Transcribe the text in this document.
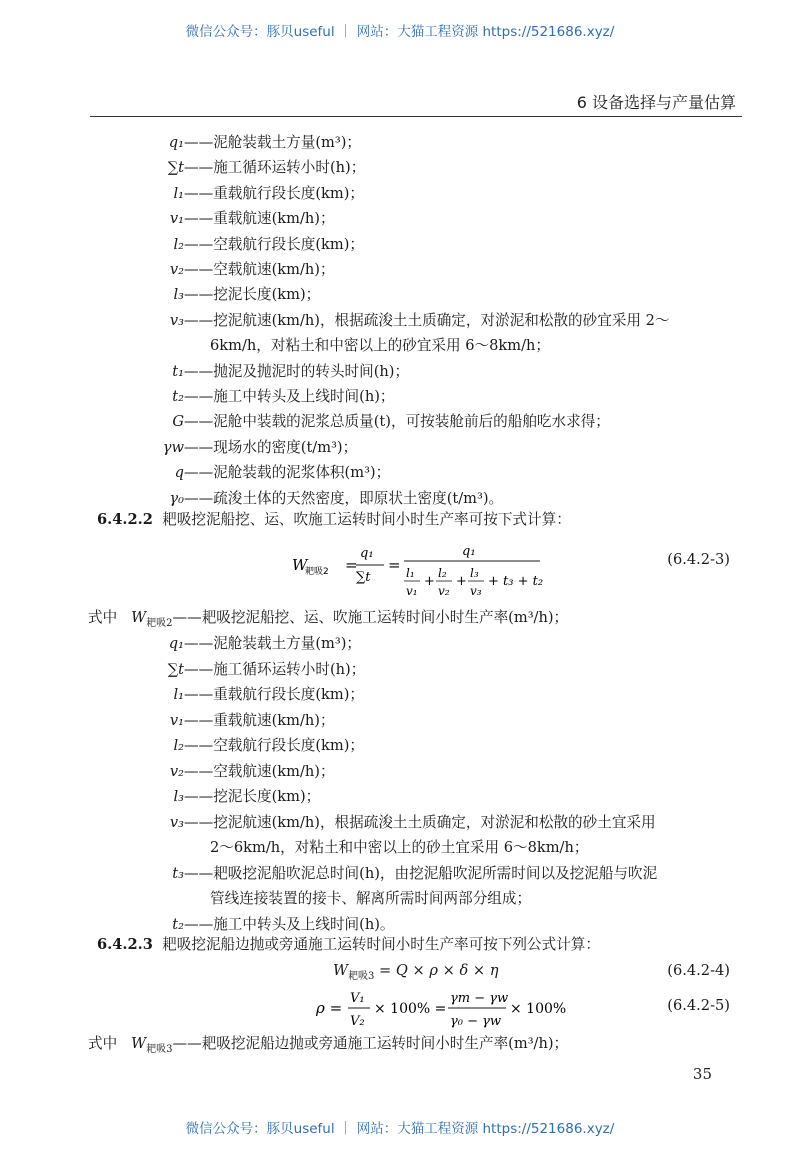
微信公众号：豚贝useful ｜ 网站：大猫工程资源 https://521686.xyz/
6 设备选择与产量估算
q₁——泥舱装载土方量(m³)；
∑t——施工循环运转小时(h)；
l₁——重载航行段长度(km)；
v₁——重载航速(km/h)；
l₂——空载航行段长度(km)；
v₂——空载航速(km/h)；
l₃——挖泥长度(km)；
v₃——挖泥航速(km/h)，根据疏浚土土质确定，对淤泥和松散的砂宜采用 2～
6km/h，对粘土和中密以上的砂宜采用 6～8km/h；
t₁——抛泥及抛泥时的转头时间(h)；
t₂——施工中转头及上线时间(h)；
G——泥舱中装载的泥浆总质量(t)，可按装舱前后的船舶吃水求得；
γw——现场水的密度(t/m³)；
q——泥舱装载的泥浆体积(m³)；
γ₀——疏浚土体的天然密度，即原状土密度(t/m³)。
q₁——泥舱装载土方量(m³)；
∑t——施工循环运转小时(h)；
l₁——重载航行段长度(km)；
v₁——重载航速(km/h)；
l₂——空载航行段长度(km)；
v₂——空载航速(km/h)；
l₃——挖泥长度(km)；
v₃——挖泥航速(km/h)，根据疏浚土土质确定，对淤泥和松散的砂土宜采用
2～6km/h，对粘土和中密以上的砂土宜采用 6～8km/h；
t₃——耙吸挖泥船吹泥总时间(h)，由挖泥船吹泥所需时间以及挖泥船与吹泥
管线连接装置的接卡、解离所需时间两部分组成；
t₂——施工中转头及上线时间(h)。
6.4.2.2 耙吸挖泥船挖、运、吹施工运转时间小时生产率可按下式计算：
W
耙吸2 =
q₁
∑t
=
q₁
l₁
v₁
+
l₂
v₂
+
l₃
v₃
+ t₃ + t₂
(6.4.2-3)
式中 $W_{耙吸2}——$耙吸挖泥船挖、运、吹施工运转时间小时生产率(m³/h)；
6.4.2.3 耙吸挖泥船边抛或旁通施工运转时间小时生产率可按下列公式计算：
$W_{耙吸3} = Q \times \rho \times \delta \times \eta$	(6.4.2-4)
ρ =
V₁
V₂
× 100% =
γm − γw
γ₀ − γw
× 100%	(6.4.2-5)
式中 $W_{耙吸3}——$耙吸挖泥船边抛或旁通施工运转时间小时生产率(m³/h)；
35
微信公众号：豚贝useful ｜ 网站：大猫工程资源 https://521686.xyz/
